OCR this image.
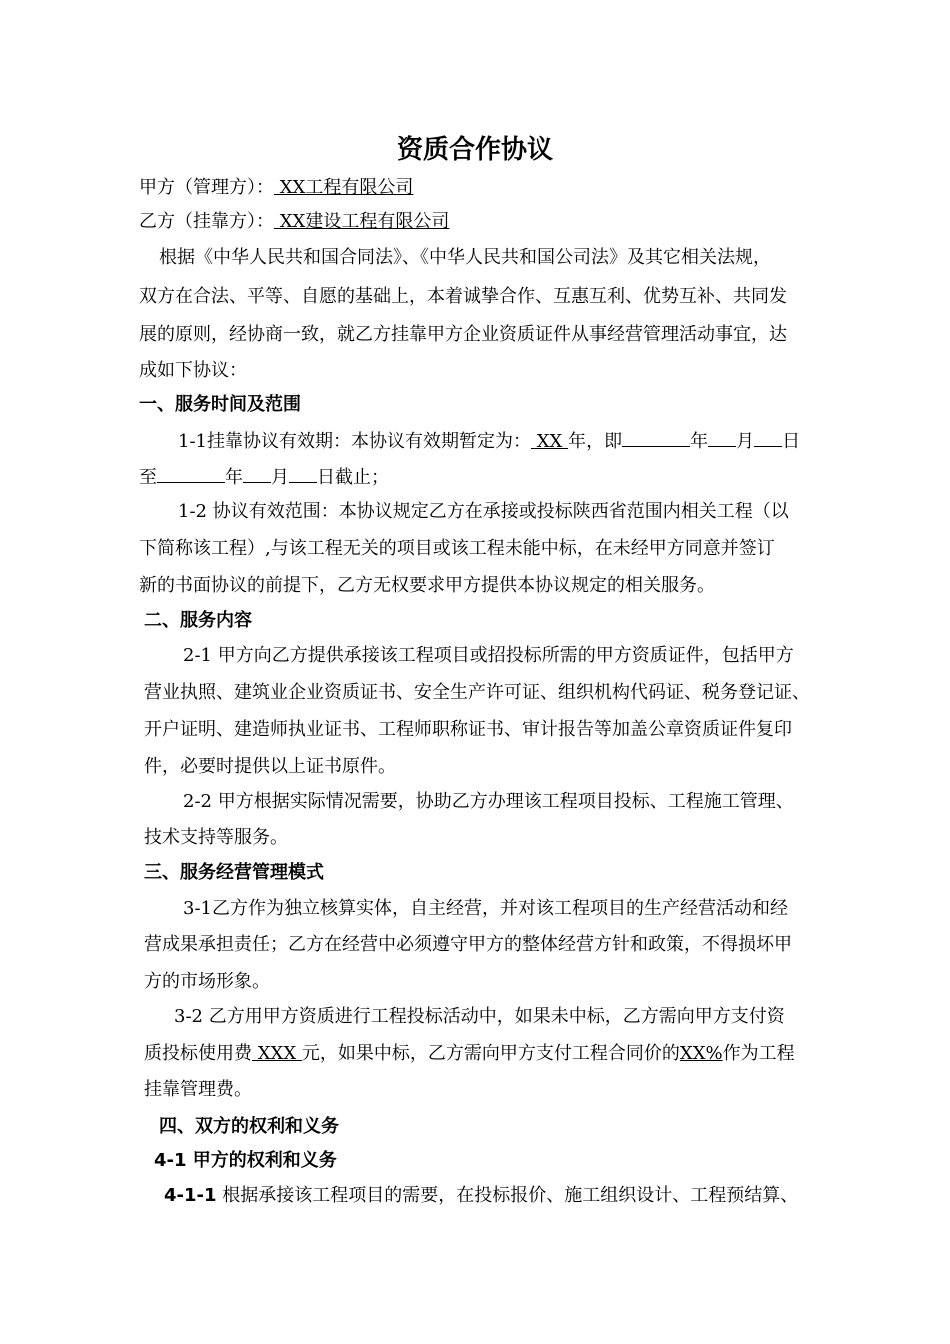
资质合作协议
甲方（管理方）： XX工程有限公司
乙方（挂靠方）： XX建设工程有限公司
根据《中华人民共和国合同法》、《中华人民共和国公司法》及其它相关法规，
双方在合法、平等、自愿的基础上，本着诚挚合作、互惠互利、优势互补、共同发
展的原则，经协商一致，就乙方挂靠甲方企业资质证件从事经营管理活动事宜，达
成如下协议：
一、服务时间及范围
1-1挂靠协议有效期：本协议有效期暂定为： XX 年，即	年 月 日
至	年 月 日截止；
1-2 协议有效范围：本协议规定乙方在承接或投标陕西省范围内相关工程（以
下简称该工程）,与该工程无关的项目或该工程未能中标，在未经甲方同意并签订
新的书面协议的前提下，乙方无权要求甲方提供本协议规定的相关服务。
二、服务内容
2-1 甲方向乙方提供承接该工程项目或招投标所需的甲方资质证件，包括甲方
营业执照、建筑业企业资质证书、安全生产许可证、组织机构代码证、税务登记证、
开户证明、建造师执业证书、工程师职称证书、审计报告等加盖公章资质证件复印
件，必要时提供以上证书原件。
2-2 甲方根据实际情况需要，协助乙方办理该工程项目投标、工程施工管理、
技术支持等服务。
三、服务经营管理模式
3-1乙方作为独立核算实体，自主经营，并对该工程项目的生产经营活动和经
营成果承担责任；乙方在经营中必须遵守甲方的整体经营方针和政策，不得损坏甲
方的市场形象。
3-2 乙方用甲方资质进行工程投标活动中，如果未中标，乙方需向甲方支付资
质投标使用费 XXX 元，如果中标，乙方需向甲方支付工程合同价的XX%作为工程
挂靠管理费。
四、双方的权利和义务
4-1 甲方的权利和义务
4-1-1 根据承接该工程项目的需要，在投标报价、施工组织设计、工程预结算、
